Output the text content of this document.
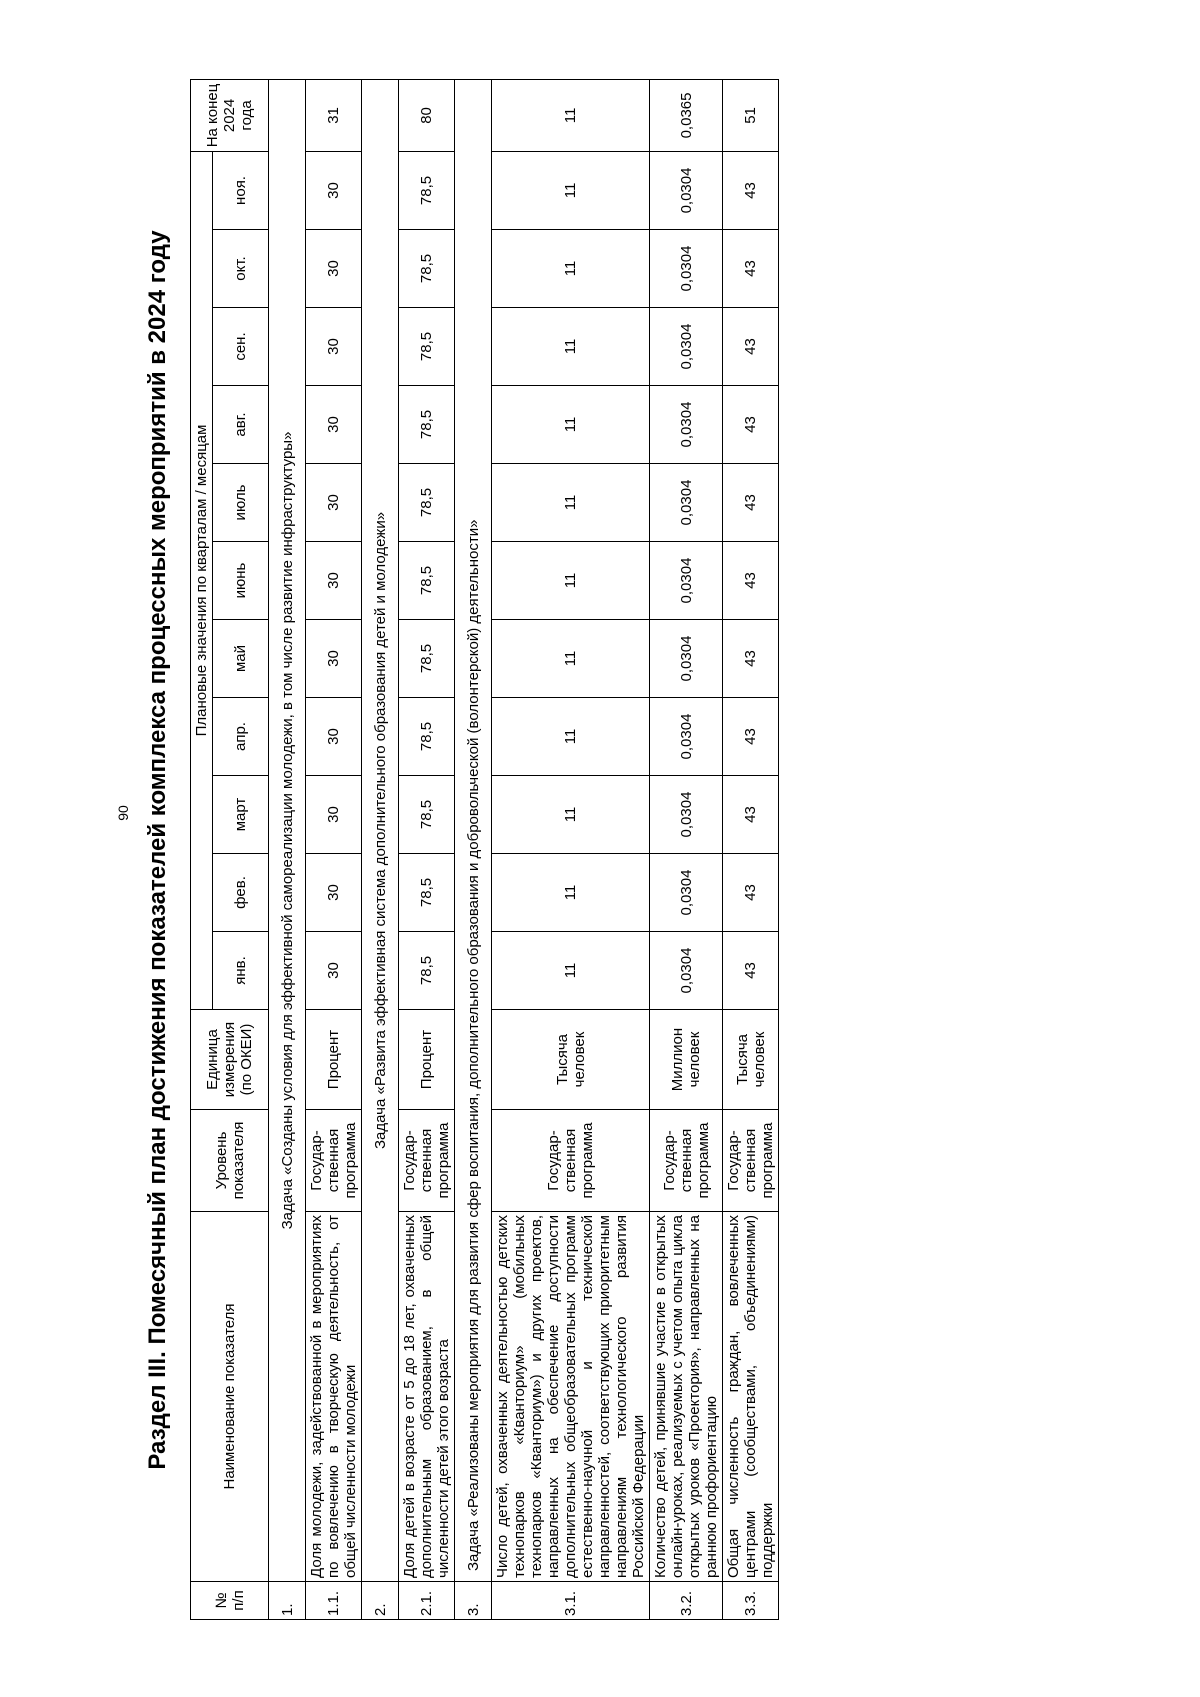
90 Раздел III. Помесячный план достижения показателей комплекса процессных мероприятий в 2024 году
№ п/п	Наименование показателя	Уровень показателя	Единица измерения (по ОКЕИ)	Плановые значения по кварталам / месяцам											На конец 2024 года
				янв.	фев.	март	апр.	май	июнь	июль	авг.	сен.	окт.	ноя.	
1.	Задача «Созданы условия для эффективной самореализации молодежи, в том числе развитие инфраструктуры»														
1.1.	Доля молодежи, задействованной в мероприятиях по вовлечению в творческую деятельность, от общей численности молодежи	Государ-ственная программа	Процент	30	30	30	30	30	30	30	30	30	30	30	31
2.	Задача «Развита эффективная система дополнительного образования детей и молодежи»														
2.1.	Доля детей в возрасте от 5 до 18 лет, охваченных дополнительным образованием, в общей численности детей этого возраста	Государ-ственная программа	Процент	78,5	78,5	78,5	78,5	78,5	78,5	78,5	78,5	78,5	78,5	78,5	80
3.	Задача «Реализованы мероприятия для развития сфер воспитания, дополнительного образования и добровольческой (волонтерской) деятельности»														
3.1.	Число детей, охваченных деятельностью детских технопарков «Кванториум» (мобильных технопарков «Кванториум») и других проектов, направленных на обеспечение доступности дополнительных общеобразовательных программ естественно-научной и технической направленностей, соответствующих приоритетным направлениям технологического развития Российской Федерации	Государ-ственная программа	Тысяча человек	11	11	11	11	11	11	11	11	11	11	11	11
3.2.	Количество детей, принявшие участие в открытых онлайн-уроках, реализуемых с учетом опыта цикла открытых уроков «Проектория», направленных на раннюю профориентацию	Государ-ственная программа	Миллион человек	0,0304	0,0304	0,0304	0,0304	0,0304	0,0304	0,0304	0,0304	0,0304	0,0304	0,0304	0,0365
3.3.	Общая численность граждан, вовлеченных центрами (сообществами, объединениями) поддержки	Государ-ственная программа	Тысяча человек	43	43	43	43	43	43	43	43	43	43	43	51
